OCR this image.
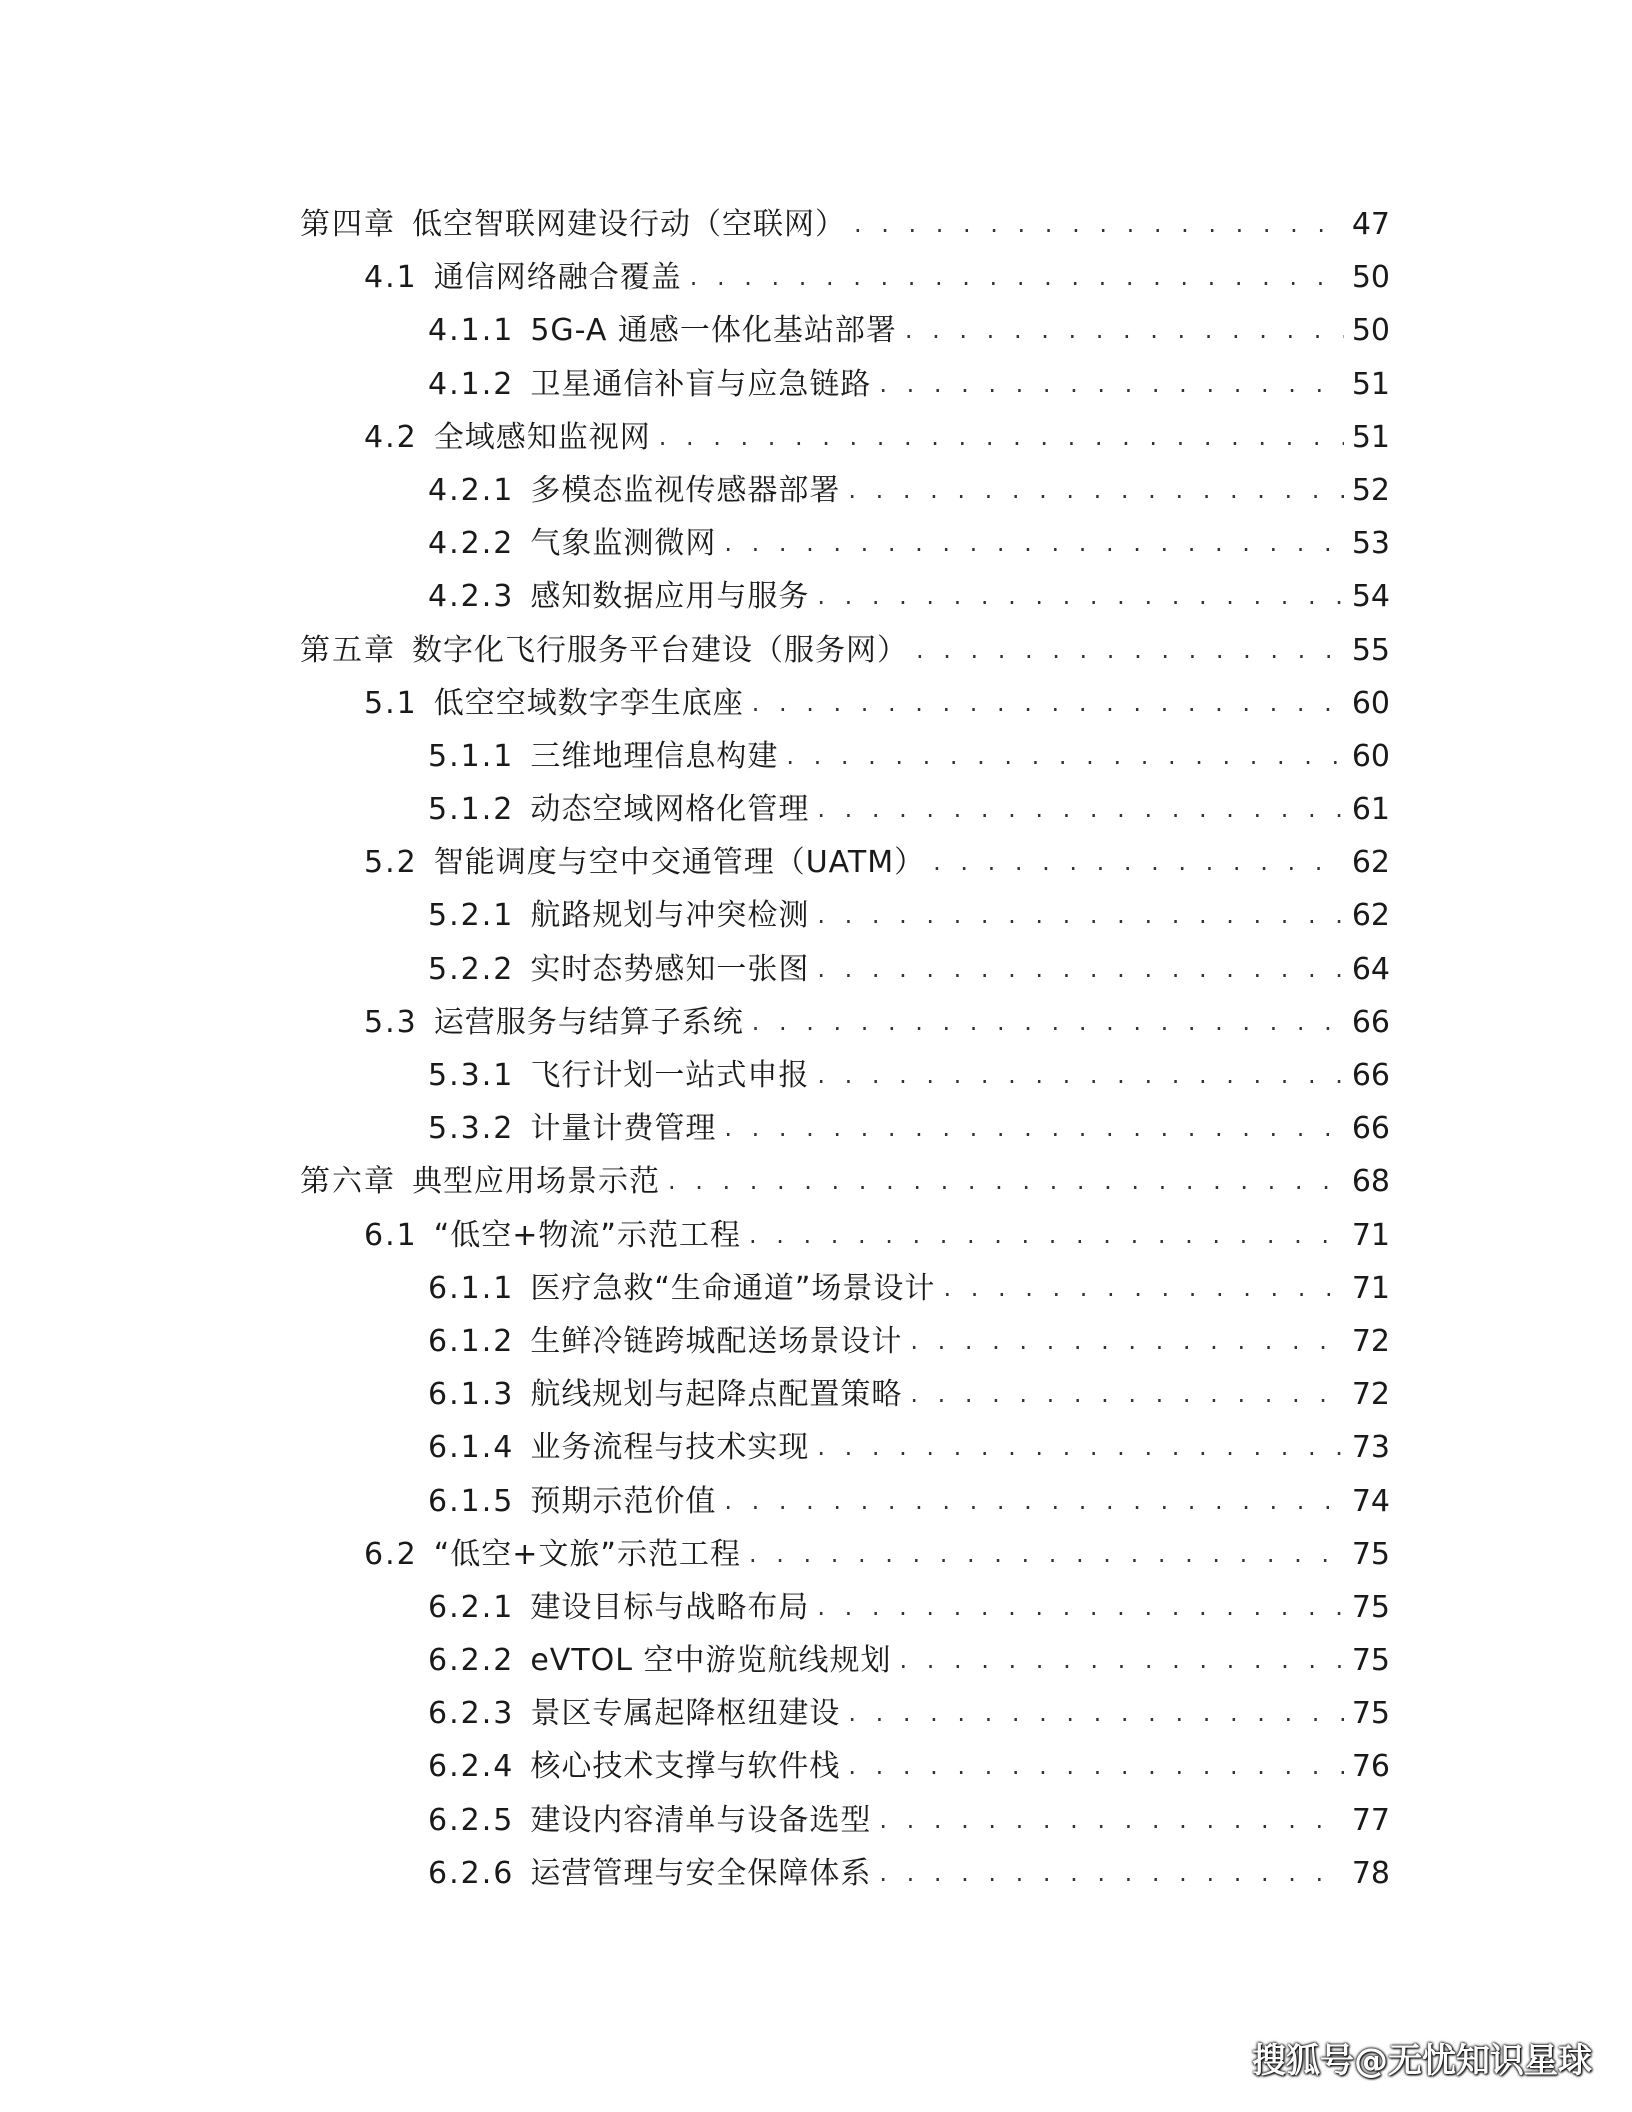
第四章 低空智联网建设行动（空联网） . . .	47
4.1 通信网络融合覆盖 . . .	50
4.1.1 5G-A 通感一体化基站部署 . . .	50
4.1.2 卫星通信补盲与应急链路 . . .	51
4.2 全域感知监视网 . . .	51
4.2.1 多模态监视传感器部署 . . .	52
4.2.2 气象监测微网 . . .	53
4.2.3 感知数据应用与服务 . . .	54
第五章 数字化飞行服务平台建设（服务网） . . .	55
5.1 低空空域数字孪生底座 . . .	60
5.1.1 三维地理信息构建 . . .	60
5.1.2 动态空域网格化管理 . . .	61
5.2 智能调度与空中交通管理（UATM） . . .	62
5.2.1 航路规划与冲突检测 . . .	62
5.2.2 实时态势感知一张图 . . .	64
5.3 运营服务与结算子系统 . . .	66
5.3.1 飞行计划一站式申报 . . .	66
5.3.2 计量计费管理 . . .	66
第六章 典型应用场景示范 . . .	68
6.1 “低空+物流”示范工程 . . .	71
6.1.1 医疗急救“生命通道”场景设计 . . .	71
6.1.2 生鲜冷链跨城配送场景设计 . . .	72
6.1.3 航线规划与起降点配置策略 . . .	72
6.1.4 业务流程与技术实现 . . .	73
6.1.5 预期示范价值 . . .	74
6.2 “低空+文旅”示范工程 . . .	75
6.2.1 建设目标与战略布局 . . .	75
6.2.2 eVTOL 空中游览航线规划 . . .	75
6.2.3 景区专属起降枢纽建设 . . .	75
6.2.4 核心技术支撑与软件栈 . . .	76
6.2.5 建设内容清单与设备选型 . . .	77
6.2.6 运营管理与安全保障体系 . . .	78
搜狐号@无忧知识星球
